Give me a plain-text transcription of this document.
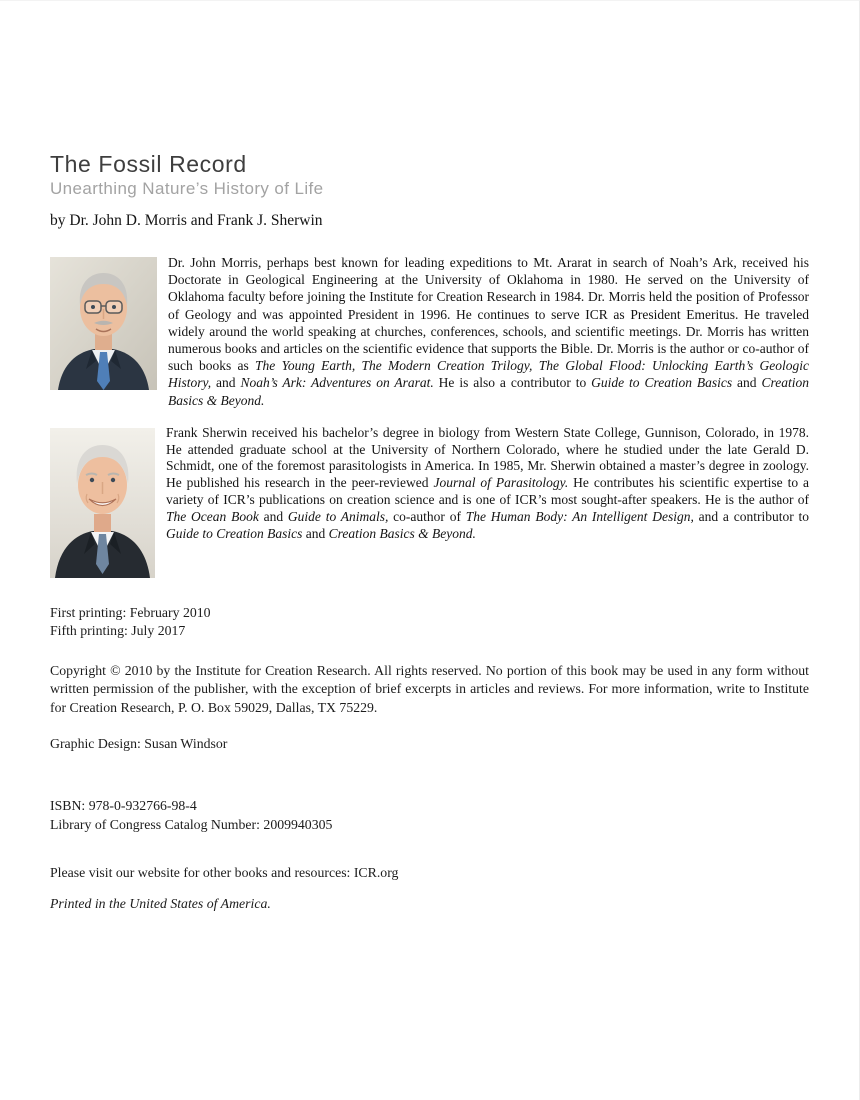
The Fossil Record
Unearthing Nature’s History of Life

by Dr. John D. Morris and Frank J. Sherwin

Dr. John Morris, perhaps best known for leading expeditions to Mt. Ararat in search of Noah’s Ark, received his Doctorate in Geological Engineering at the University of Oklahoma in 1980. He served on the University of Oklahoma faculty before joining the Institute for Creation Research in 1984. Dr. Morris held the position of Professor of Geology and was appointed President in 1996. He continues to serve ICR as President Emeritus. He traveled widely around the world speaking at churches, conferences, schools, and scientific meetings. Dr. Morris has written numerous books and articles on the scientific evidence that supports the Bible. Dr. Morris is the author or co-author of such books as The Young Earth, The Modern Creation Trilogy, The Global Flood: Unlocking Earth’s Geologic History, and Noah’s Ark: Adventures on Ararat. He is also a contributor to Guide to Creation Basics and Creation Basics & Beyond.

Frank Sherwin received his bachelor’s degree in biology from Western State College, Gunnison, Colorado, in 1978. He attended graduate school at the University of Northern Colorado, where he studied under the late Gerald D. Schmidt, one of the foremost parasitologists in America. In 1985, Mr. Sherwin obtained a master’s degree in zoology. He published his research in the peer-reviewed Journal of Parasitology. He contributes his scientific expertise to a variety of ICR’s publications on creation science and is one of ICR’s most sought-after speakers. He is the author of The Ocean Book and Guide to Animals, co-author of The Human Body: An Intelligent Design, and a contributor to Guide to Creation Basics and Creation Basics & Beyond.

First printing: February 2010
Fifth printing: July 2017

Copyright © 2010 by the Institute for Creation Research. All rights reserved. No portion of this book may be used in any form without written permission of the publisher, with the exception of brief excerpts in articles and reviews. For more information, write to Institute for Creation Research, P. O. Box 59029, Dallas, TX 75229.

Graphic Design: Susan Windsor

ISBN: 978-0-932766-98-4
Library of Congress Catalog Number: 2009940305

Please visit our website for other books and resources: ICR.org

Printed in the United States of America.
